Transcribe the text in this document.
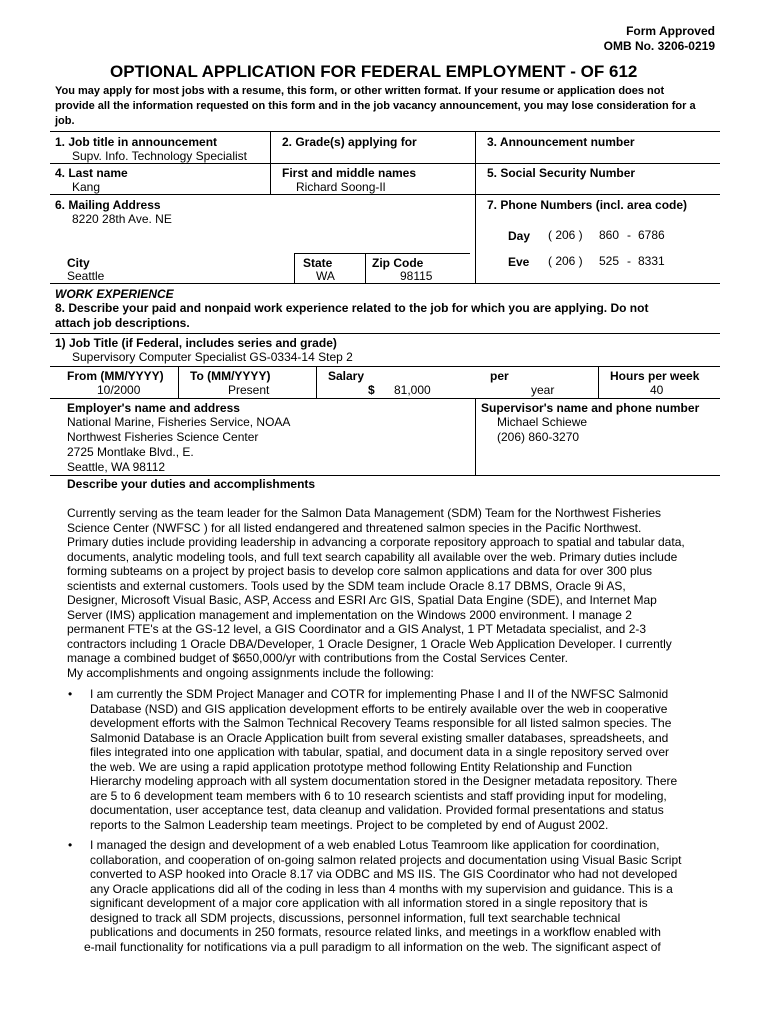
Form Approved
OMB No. 3206-0219
OPTIONAL APPLICATION FOR FEDERAL EMPLOYMENT - OF 612
You may apply for most jobs with a resume, this form, or other written format. If your resume or application does not
provide all the information requested on this form and in the job vacancy announcement, you may lose consideration for a
job.
1. Job title in announcement
Supv. Info. Technology Specialist
2. Grade(s) applying for	3. Announcement number
4. Last name
Kang
First and middle names
Richard Soong-Il
5. Social Security Number
6. Mailing Address
8220 28th Ave. NE
7. Phone Numbers (incl. area code)
Day ( 206 ) 860 - 6786
Eve ( 206 ) 525 - 8331
City
Seattle
State
WA
Zip Code
98115
WORK EXPERIENCE
8. Describe your paid and nonpaid work experience related to the job for which you are applying. Do not
attach job descriptions.
1) Job Title (if Federal, includes series and grade)
Supervisory Computer Specialist GS-0334-14 Step 2
From (MM/YYYY)
10/2000
To (MM/YYYY)
Present
Salary
$ 81,000
per
year
Hours per week
40
Employer's name and address
National Marine, Fisheries Service, NOAA
Northwest Fisheries Science Center
2725 Montlake Blvd., E.
Seattle, WA 98112
Supervisor's name and phone number
Michael Schiewe
(206) 860-3270
Describe your duties and accomplishments
Currently serving as the team leader for the Salmon Data Management (SDM) Team for the Northwest Fisheries
Science Center (NWFSC ) for all listed endangered and threatened salmon species in the Pacific Northwest.
Primary duties include providing leadership in advancing a corporate repository approach to spatial and tabular data,
documents, analytic modeling tools, and full text search capability all available over the web. Primary duties include
forming subteams on a project by project basis to develop core salmon applications and data for over 300 plus
scientists and external customers. Tools used by the SDM team include Oracle 8.17 DBMS, Oracle 9i AS,
Designer, Microsoft Visual Basic, ASP, Access and ESRI Arc GIS, Spatial Data Engine (SDE), and Internet Map
Server (IMS) application management and implementation on the Windows 2000 environment. I manage 2
permanent FTE's at the GS-12 level, a GIS Coordinator and a GIS Analyst, 1 PT Metadata specialist, and 2-3
contractors including 1 Oracle DBA/Developer, 1 Oracle Designer, 1 Oracle Web Application Developer. I currently
manage a combined budget of $650,000/yr with contributions from the Costal Services Center.
My accomplishments and ongoing assignments include the following:
• I am currently the SDM Project Manager and COTR for implementing Phase I and II of the NWFSC Salmonid
Database (NSD) and GIS application development efforts to be entirely available over the web in cooperative
development efforts with the Salmon Technical Recovery Teams responsible for all listed salmon species. The
Salmonid Database is an Oracle Application built from several existing smaller databases, spreadsheets, and
files integrated into one application with tabular, spatial, and document data in a single repository served over
the web. We are using a rapid application prototype method following Entity Relationship and Function
Hierarchy modeling approach with all system documentation stored in the Designer metadata repository. There
are 5 to 6 development team members with 6 to 10 research scientists and staff providing input for modeling,
documentation, user acceptance test, data cleanup and validation. Provided formal presentations and status
reports to the Salmon Leadership team meetings. Project to be completed by end of August 2002.
• I managed the design and development of a web enabled Lotus Teamroom like application for coordination,
collaboration, and cooperation of on-going salmon related projects and documentation using Visual Basic Script
converted to ASP hooked into Oracle 8.17 via ODBC and MS IIS. The GIS Coordinator who had not developed
any Oracle applications did all of the coding in less than 4 months with my supervision and guidance. This is a
significant development of a major core application with all information stored in a single repository that is
designed to track all SDM projects, discussions, personnel information, full text searchable technical
publications and documents in 250 formats, resource related links, and meetings in a workflow enabled with
e-mail functionality for notifications via a pull paradigm to all information on the web. The significant aspect of
